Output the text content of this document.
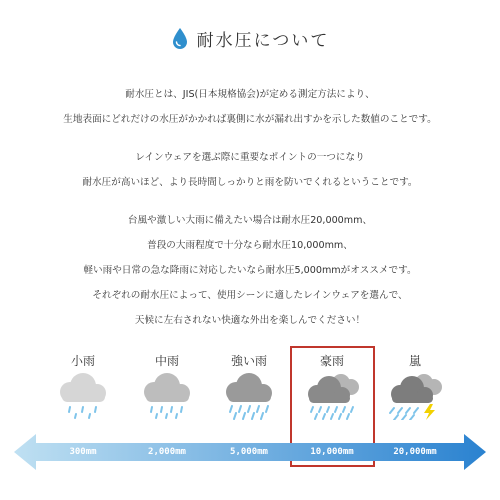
耐水圧について
耐水圧とは、JIS(日本規格協会)が定める測定方法により、
生地表面にどれだけの水圧がかかれば裏側に水が漏れ出すかを示した数値のことです。
レインウェアを選ぶ際に重要なポイントの一つになり
耐水圧が高いほど、より長時間しっかりと雨を防いでくれるということです。
台風や激しい大雨に備えたい場合は耐水圧20,000mm、
普段の大雨程度で十分なら耐水圧10,000mm、
軽い雨や日常の急な降雨に対応したいなら耐水圧5,000mmがオススメです。
それぞれの耐水圧によって、使用シーンに適したレインウェアを選んで、
天候に左右されない快適な外出を楽しんでください！
小雨	中雨	強い雨	豪雨	嵐
300mm	2,000mm	5,000mm	10,000mm	20,000mm
